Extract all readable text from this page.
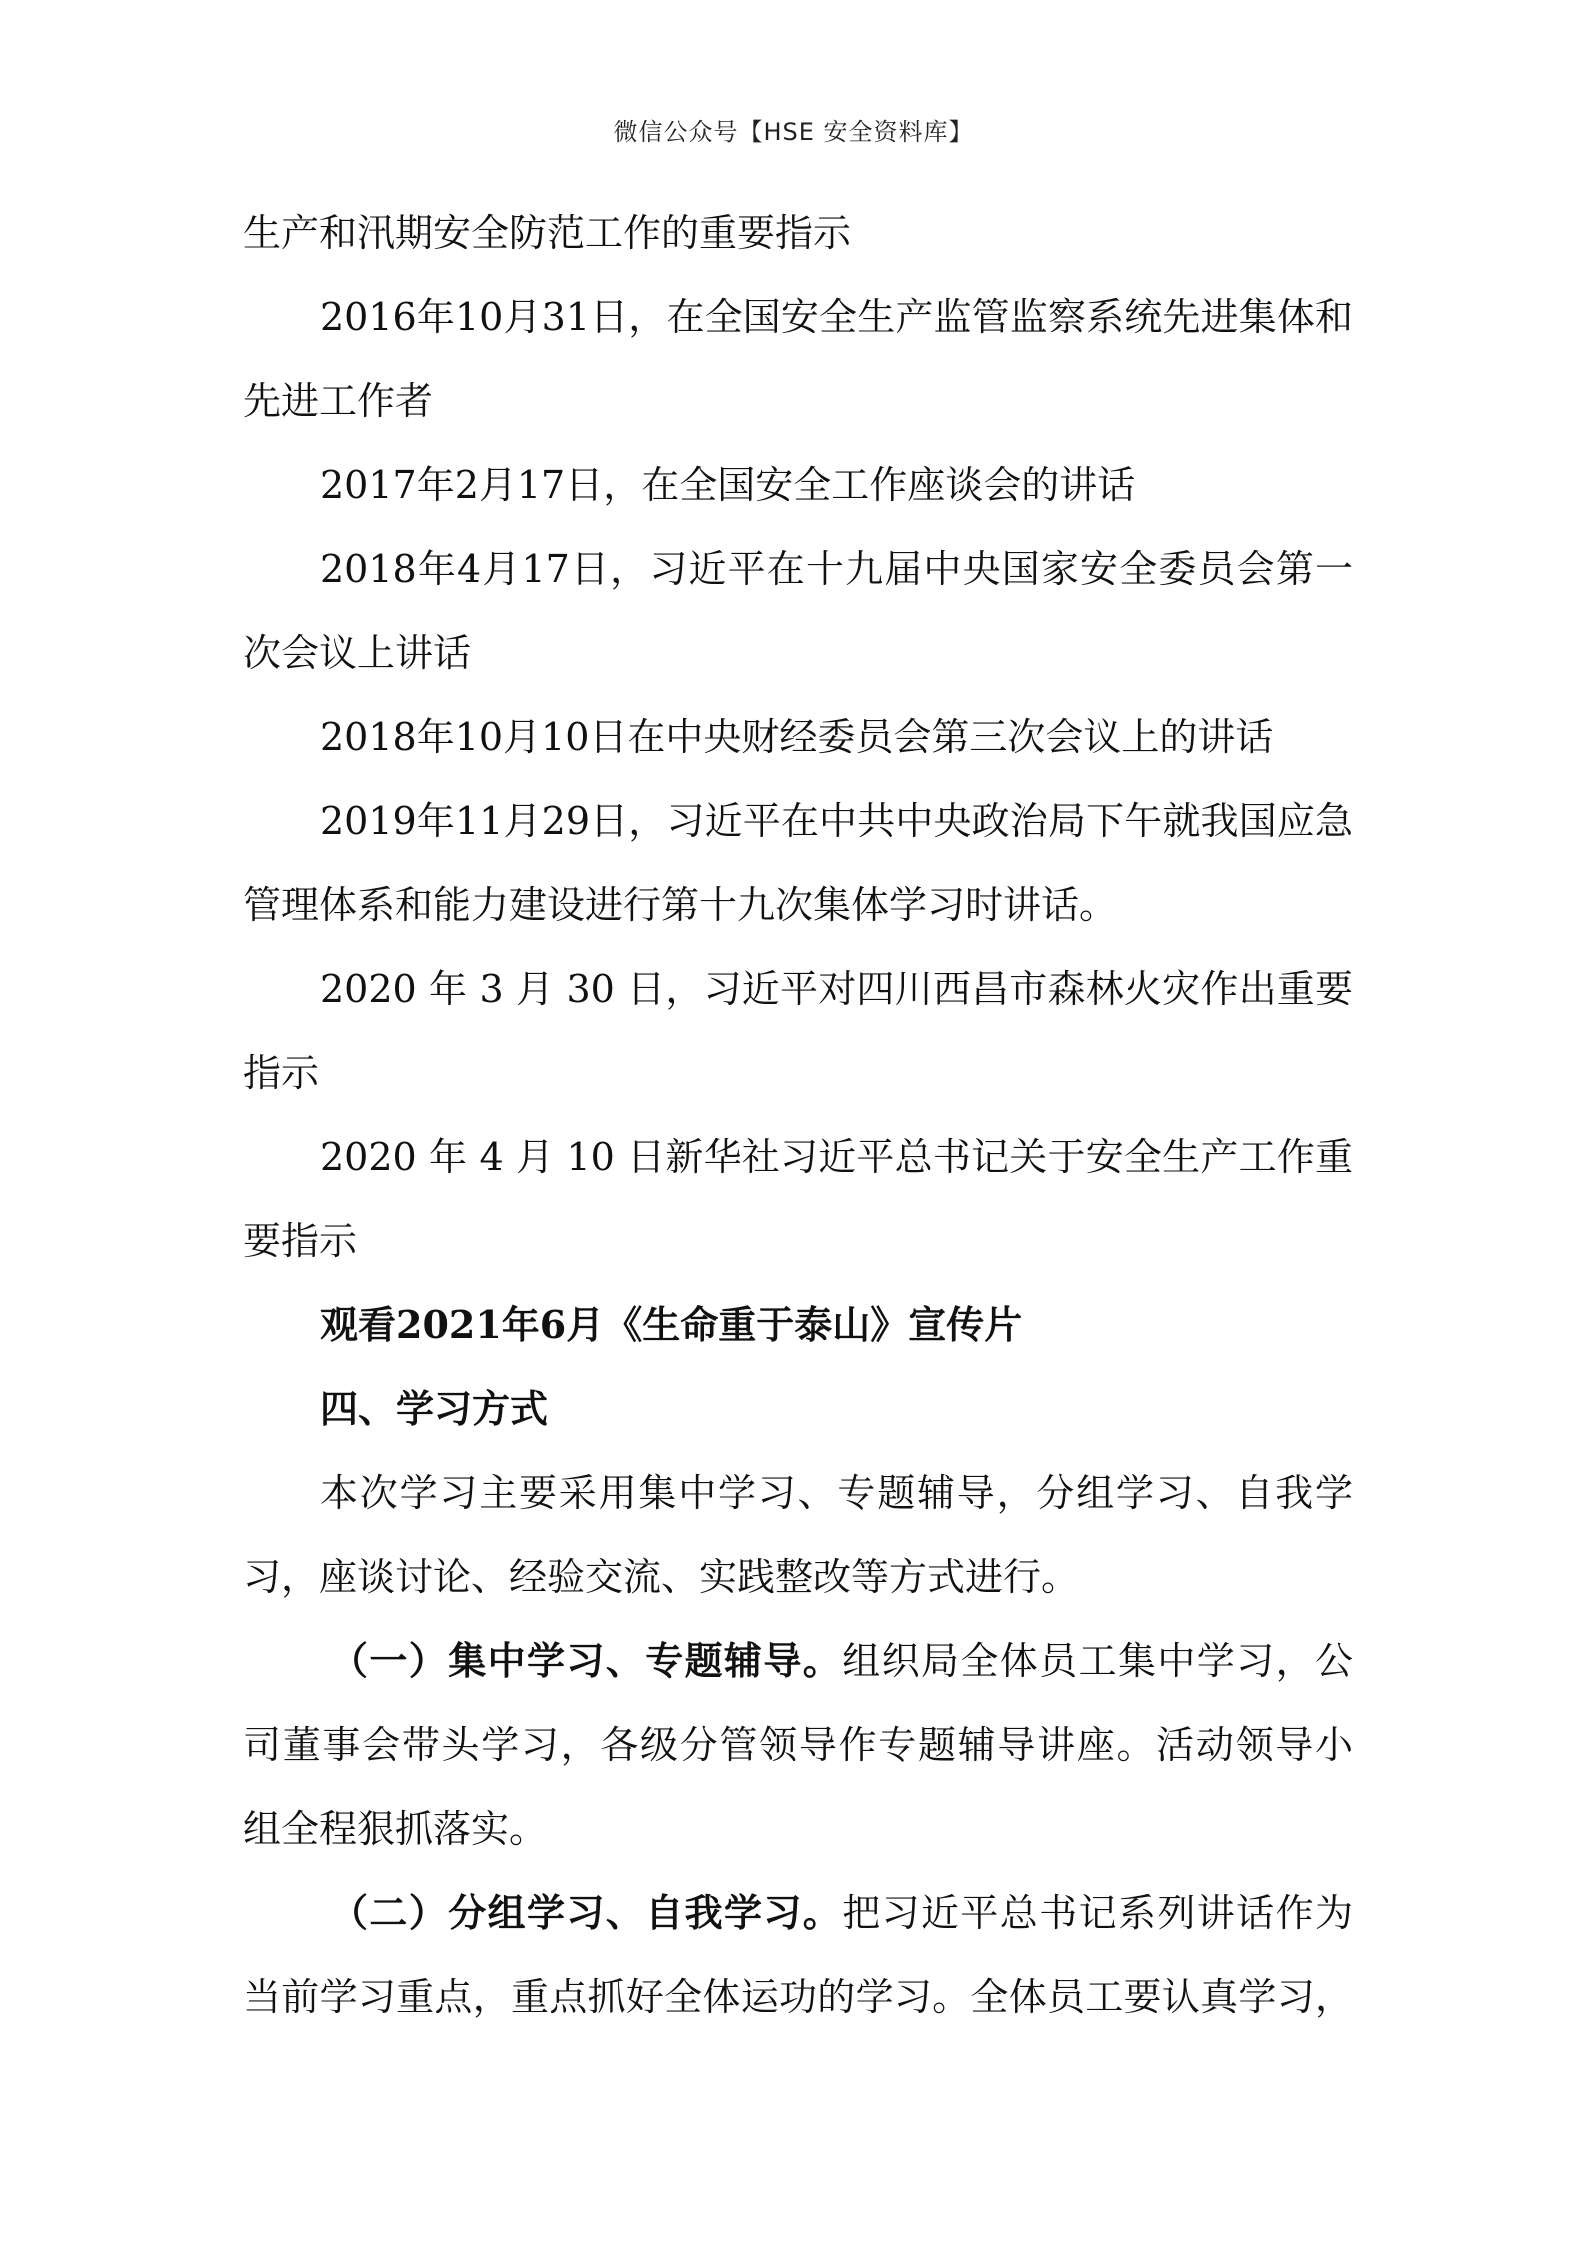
微信公众号【HSE 安全资料库】
生产和汛期安全防范工作的重要指示
2016年10月31日，在全国安全生产监管监察系统先进集体和
先进工作者
2017年2月17日，在全国安全工作座谈会的讲话
2018年4月17日，习近平在十九届中央国家安全委员会第一
次会议上讲话
2018年10月10日在中央财经委员会第三次会议上的讲话
2019年11月29日，习近平在中共中央政治局下午就我国应急
管理体系和能力建设进行第十九次集体学习时讲话。
2020 年 3 月 30 日，习近平对四川西昌市森林火灾作出重要
指示
2020 年 4 月 10 日新华社习近平总书记关于安全生产工作重
要指示
观看2021年6月《生命重于泰山》宣传片
四、学习方式
本次学习主要采用集中学习、专题辅导，分组学习、自我学
习，座谈讨论、经验交流、实践整改等方式进行。
（一）集中学习、专题辅导。组织局全体员工集中学习，公
司董事会带头学习，各级分管领导作专题辅导讲座。活动领导小
组全程狠抓落实。
（二）分组学习、自我学习。把习近平总书记系列讲话作为
当前学习重点，重点抓好全体运功的学习。全体员工要认真学习，
